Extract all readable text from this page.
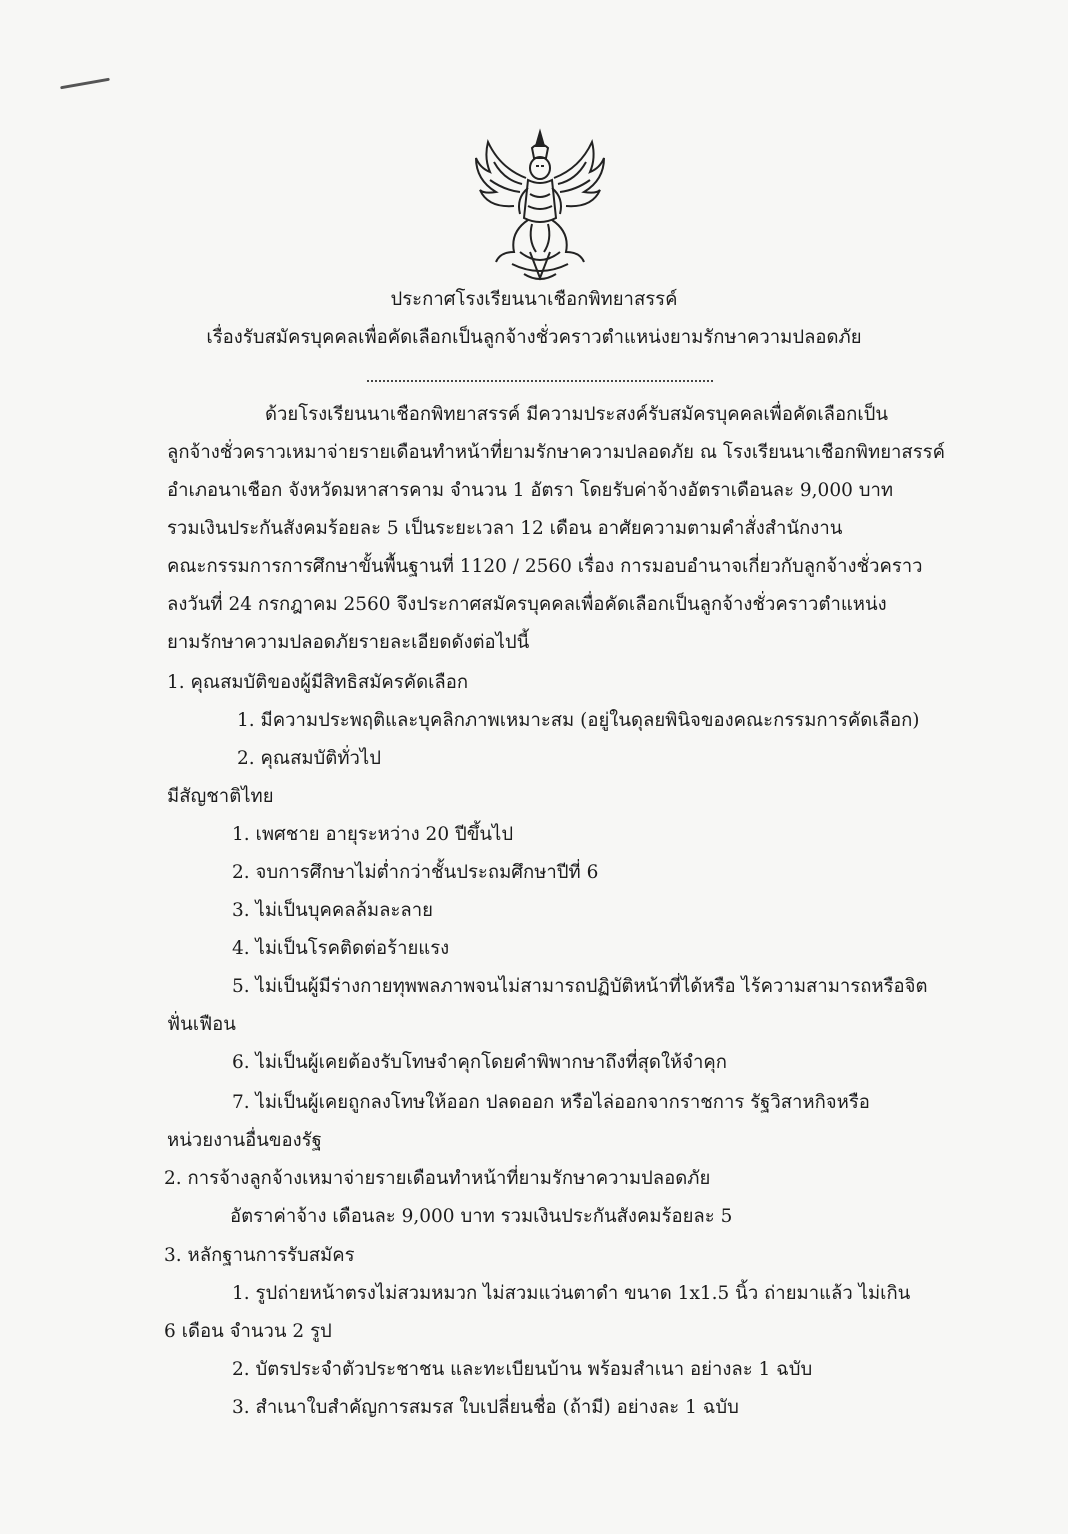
ประกาศโรงเรียนนาเชือกพิทยาสรรค์
เรื่องรับสมัครบุคคลเพื่อคัดเลือกเป็นลูกจ้างชั่วคราวตำแหน่งยามรักษาความปลอดภัย
ด้วยโรงเรียนนาเชือกพิทยาสรรค์ มีความประสงค์รับสมัครบุคคลเพื่อคัดเลือกเป็น
ลูกจ้างชั่วคราวเหมาจ่ายรายเดือนทำหน้าที่ยามรักษาความปลอดภัย ณ โรงเรียนนาเชือกพิทยาสรรค์
อำเภอนาเชือก จังหวัดมหาสารคาม จำนวน 1 อัตรา โดยรับค่าจ้างอัตราเดือนละ 9,000 บาท
รวมเงินประกันสังคมร้อยละ 5 เป็นระยะเวลา 12 เดือน อาศัยความตามคำสั่งสำนักงาน
คณะกรรมการการศึกษาขั้นพื้นฐานที่ 1120 / 2560 เรื่อง การมอบอำนาจเกี่ยวกับลูกจ้างชั่วคราว
ลงวันที่ 24 กรกฎาคม 2560 จึงประกาศสมัครบุคคลเพื่อคัดเลือกเป็นลูกจ้างชั่วคราวตำแหน่ง
ยามรักษาความปลอดภัยรายละเอียดดังต่อไปนี้
1. คุณสมบัติของผู้มีสิทธิสมัครคัดเลือก
1. มีความประพฤติและบุคลิกภาพเหมาะสม (อยู่ในดุลยพินิจของคณะกรรมการคัดเลือก)
2. คุณสมบัติทั่วไป
มีสัญชาติไทย
1. เพศชาย อายุระหว่าง 20 ปีขึ้นไป
2. จบการศึกษาไม่ต่ำกว่าชั้นประถมศึกษาปีที่ 6
3. ไม่เป็นบุคคลล้มละลาย
4. ไม่เป็นโรคติดต่อร้ายแรง
5. ไม่เป็นผู้มีร่างกายทุพพลภาพจนไม่สามารถปฏิบัติหน้าที่ได้หรือ ไร้ความสามารถหรือจิต
ฟั่นเฟือน
6. ไม่เป็นผู้เคยต้องรับโทษจำคุกโดยคำพิพากษาถึงที่สุดให้จำคุก
7. ไม่เป็นผู้เคยถูกลงโทษให้ออก ปลดออก หรือไล่ออกจากราชการ รัฐวิสาหกิจหรือ
หน่วยงานอื่นของรัฐ
2. การจ้างลูกจ้างเหมาจ่ายรายเดือนทำหน้าที่ยามรักษาความปลอดภัย
อัตราค่าจ้าง เดือนละ 9,000 บาท รวมเงินประกันสังคมร้อยละ 5
3. หลักฐานการรับสมัคร
1. รูปถ่ายหน้าตรงไม่สวมหมวก ไม่สวมแว่นตาดำ ขนาด 1x1.5 นิ้ว ถ่ายมาแล้ว ไม่เกิน
6 เดือน จำนวน 2 รูป
2. บัตรประจำตัวประชาชน และทะเบียนบ้าน พร้อมสำเนา อย่างละ 1 ฉบับ
3. สำเนาใบสำคัญการสมรส ใบเปลี่ยนชื่อ (ถ้ามี) อย่างละ 1 ฉบับ
